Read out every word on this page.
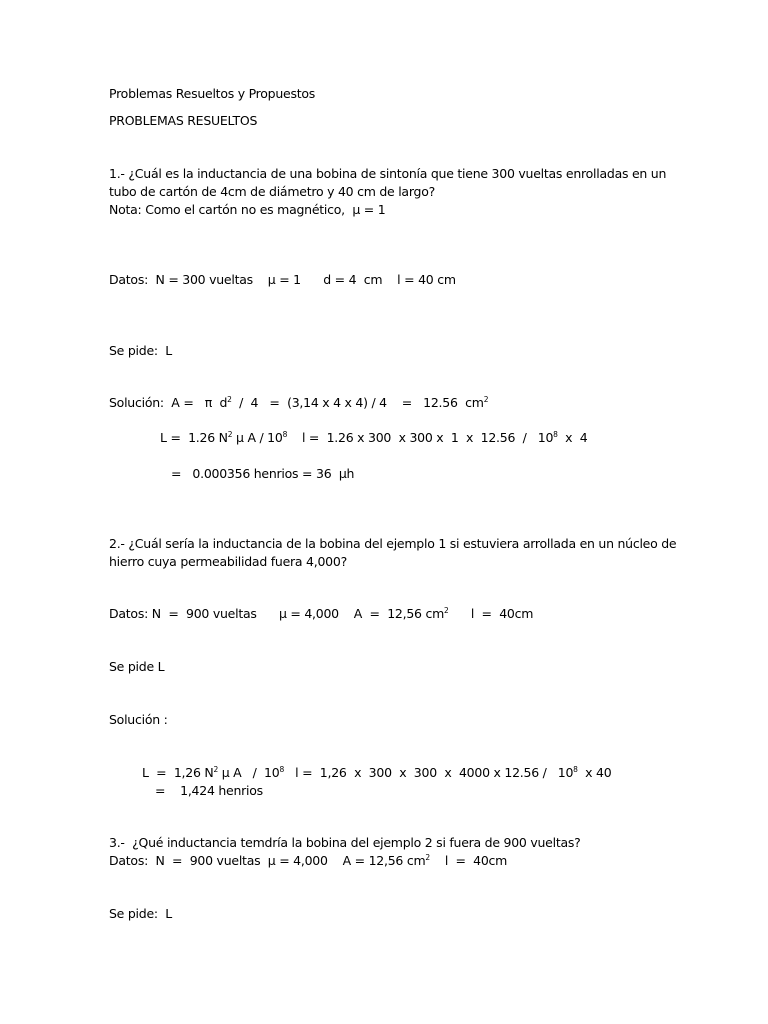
Problemas Resueltos y Propuestos
PROBLEMAS RESUELTOS
1.- ¿Cuál es la inductancia de una bobina de sintonía que tiene 300 vueltas enrolladas en un
tubo de cartón de 4cm de diámetro y 40 cm de largo?
Nota: Como el cartón no es magnético,  μ = 1
Datos:  N = 300 vueltas    μ = 1      d = 4  cm    l = 40 cm
Se pide:  L
Solución:  A =   π  $d^2 / 4 = (3,14$ x 4 x 4) / 4    =   12.56  $cm^2$
L =  1.26 $N^2$ μ A / $10^8$    l =  1.26 x 300  x 300 x  1  x  $12.56 / 10^8$  x  4
=   0.000356 henrios = 36  μh
2.- ¿Cuál sería la inductancia de la bobina del ejemplo 1 si estuviera arrollada en un núcleo de
hierro cuya permeabilidad fuera 4,000?
Datos: N  =  900 vueltas      μ = 4,000    A  =  12,56 $cm^2$      l  =  40cm
Se pide L
Solución :
L  =  1,26 $N^2$ μ A   /  $10^8$   l =  1,26  x  300  x  300  x  4000 x $12.56 / 10^8$  x 40
=    1,424 henrios
3.-  ¿Qué inductancia temdría la bobina del ejemplo 2 si fuera de 900 vueltas?
Datos:  N  =  900 vueltas  μ = 4,000    A = 12,56 $cm^2$    l  =  40cm
Se pide:  L
